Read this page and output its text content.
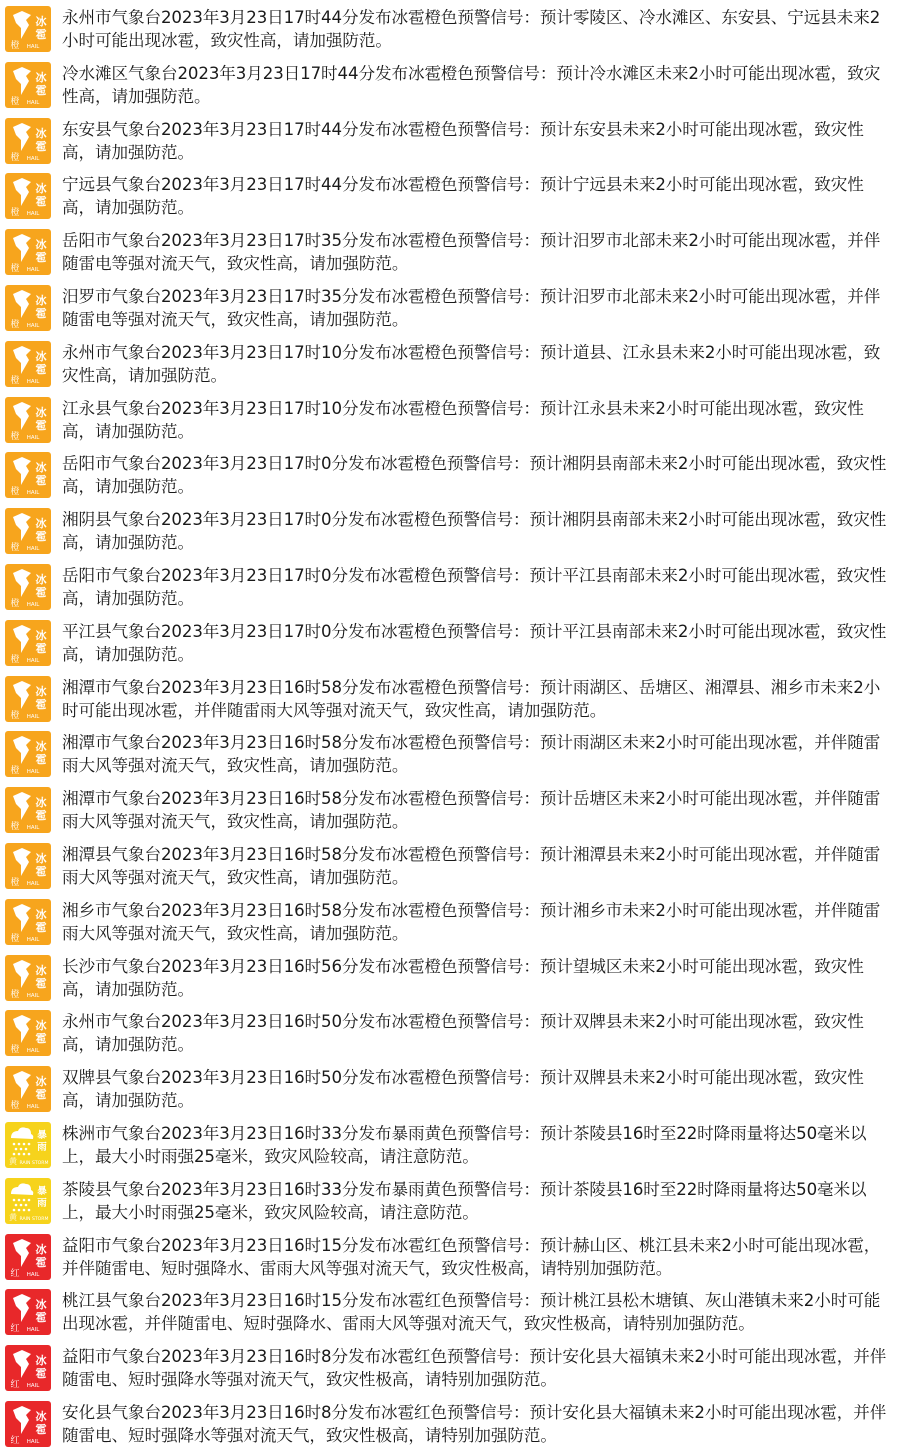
冰
雹
橙 HAIL
永州市气象台2023年3月23日17时44分发布冰雹橙色预警信号：预计零陵区、冷水滩区、东安县、宁远县未来2小时可能出现冰雹，致灾性高，请加强防范。
冰
雹
橙 HAIL
冷水滩区气象台2023年3月23日17时44分发布冰雹橙色预警信号：预计冷水滩区未来2小时可能出现冰雹，致灾性高，请加强防范。
冰
雹
橙 HAIL
东安县气象台2023年3月23日17时44分发布冰雹橙色预警信号：预计东安县未来2小时可能出现冰雹，致灾性高，请加强防范。
冰
雹
橙 HAIL
宁远县气象台2023年3月23日17时44分发布冰雹橙色预警信号：预计宁远县未来2小时可能出现冰雹，致灾性高，请加强防范。
冰
雹
橙 HAIL
岳阳市气象台2023年3月23日17时35分发布冰雹橙色预警信号：预计汨罗市北部未来2小时可能出现冰雹，并伴随雷电等强对流天气，致灾性高，请加强防范。
冰
雹
橙 HAIL
汨罗市气象台2023年3月23日17时35分发布冰雹橙色预警信号：预计汨罗市北部未来2小时可能出现冰雹，并伴随雷电等强对流天气，致灾性高，请加强防范。
冰
雹
橙 HAIL
永州市气象台2023年3月23日17时10分发布冰雹橙色预警信号：预计道县、江永县未来2小时可能出现冰雹，致灾性高，请加强防范。
冰
雹
橙 HAIL
江永县气象台2023年3月23日17时10分发布冰雹橙色预警信号：预计江永县未来2小时可能出现冰雹，致灾性高，请加强防范。
冰
雹
橙 HAIL
岳阳市气象台2023年3月23日17时0分发布冰雹橙色预警信号：预计湘阴县南部未来2小时可能出现冰雹，致灾性高，请加强防范。
冰
雹
橙 HAIL
湘阴县气象台2023年3月23日17时0分发布冰雹橙色预警信号：预计湘阴县南部未来2小时可能出现冰雹，致灾性高，请加强防范。
冰
雹
橙 HAIL
岳阳市气象台2023年3月23日17时0分发布冰雹橙色预警信号：预计平江县南部未来2小时可能出现冰雹，致灾性高，请加强防范。
冰
雹
橙 HAIL
平江县气象台2023年3月23日17时0分发布冰雹橙色预警信号：预计平江县南部未来2小时可能出现冰雹，致灾性高，请加强防范。
冰
雹
橙 HAIL
湘潭市气象台2023年3月23日16时58分发布冰雹橙色预警信号：预计雨湖区、岳塘区、湘潭县、湘乡市未来2小时可能出现冰雹，并伴随雷雨大风等强对流天气，致灾性高，请加强防范。
冰
雹
橙 HAIL
湘潭市气象台2023年3月23日16时58分发布冰雹橙色预警信号：预计雨湖区未来2小时可能出现冰雹，并伴随雷雨大风等强对流天气，致灾性高，请加强防范。
冰
雹
橙 HAIL
湘潭市气象台2023年3月23日16时58分发布冰雹橙色预警信号：预计岳塘区未来2小时可能出现冰雹，并伴随雷雨大风等强对流天气，致灾性高，请加强防范。
冰
雹
橙 HAIL
湘潭县气象台2023年3月23日16时58分发布冰雹橙色预警信号：预计湘潭县未来2小时可能出现冰雹，并伴随雷雨大风等强对流天气，致灾性高，请加强防范。
冰
雹
橙 HAIL
湘乡市气象台2023年3月23日16时58分发布冰雹橙色预警信号：预计湘乡市未来2小时可能出现冰雹，并伴随雷雨大风等强对流天气，致灾性高，请加强防范。
冰
雹
橙 HAIL
长沙市气象台2023年3月23日16时56分发布冰雹橙色预警信号：预计望城区未来2小时可能出现冰雹，致灾性高，请加强防范。
冰
雹
橙 HAIL
永州市气象台2023年3月23日16时50分发布冰雹橙色预警信号：预计双牌县未来2小时可能出现冰雹，致灾性高，请加强防范。
冰
雹
橙 HAIL
双牌县气象台2023年3月23日16时50分发布冰雹橙色预警信号：预计双牌县未来2小时可能出现冰雹，致灾性高，请加强防范。
暴
雨
黄 RAIN STORM
株洲市气象台2023年3月23日16时33分发布暴雨黄色预警信号：预计茶陵县16时至22时降雨量将达50毫米以上，最大小时雨强25毫米，致灾风险较高，请注意防范。
暴
雨
黄 RAIN STORM
茶陵县气象台2023年3月23日16时33分发布暴雨黄色预警信号：预计茶陵县16时至22时降雨量将达50毫米以上，最大小时雨强25毫米，致灾风险较高，请注意防范。
冰
雹
红 HAIL
益阳市气象台2023年3月23日16时15分发布冰雹红色预警信号：预计赫山区、桃江县未来2小时可能出现冰雹，并伴随雷电、短时强降水、雷雨大风等强对流天气，致灾性极高，请特别加强防范。
冰
雹
红 HAIL
桃江县气象台2023年3月23日16时15分发布冰雹红色预警信号：预计桃江县松木塘镇、灰山港镇未来2小时可能出现冰雹，并伴随雷电、短时强降水、雷雨大风等强对流天气，致灾性极高，请特别加强防范。
冰
雹
红 HAIL
益阳市气象台2023年3月23日16时8分发布冰雹红色预警信号：预计安化县大福镇未来2小时可能出现冰雹，并伴随雷电、短时强降水等强对流天气，致灾性极高，请特别加强防范。
冰
雹
红 HAIL
安化县气象台2023年3月23日16时8分发布冰雹红色预警信号：预计安化县大福镇未来2小时可能出现冰雹，并伴随雷电、短时强降水等强对流天气，致灾性极高，请特别加强防范。
